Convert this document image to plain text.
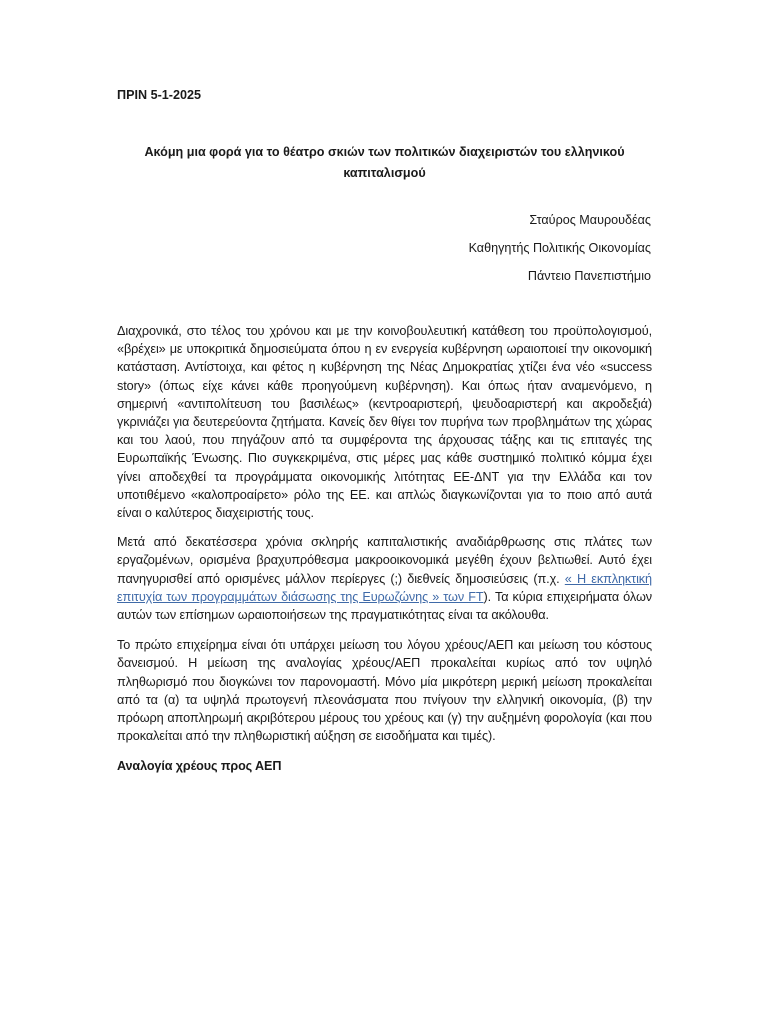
ΠΡΙΝ 5-1-2025

Ακόμη μια φορά για το θέατρο σκιών των πολιτικών διαχειριστών του ελληνικού καπιταλισμού

Σταύρος Μαυρουδέας

Καθηγητής Πολιτικής Οικονομίας

Πάντειο Πανεπιστήμιο

Διαχρονικά, στο τέλος του χρόνου και με την κοινοβουλευτική κατάθεση του προϋπολογισμού, «βρέχει» με υποκριτικά δημοσιεύματα όπου η εν ενεργεία κυβέρνηση ωραιοποιεί την οικονομική κατάσταση. Αντίστοιχα, και φέτος η κυβέρνηση της Νέας Δημοκρατίας χτίζει ένα νέο «success story» (όπως είχε κάνει κάθε προηγούμενη κυβέρνηση). Και όπως ήταν αναμενόμενο, η σημερινή «αντιπολίτευση του βασιλέως» (κεντροαριστερή, ψευδοαριστερή και ακροδεξιά) γκρινιάζει για δευτερεύοντα ζητήματα. Κανείς δεν θίγει τον πυρήνα των προβλημάτων της χώρας και του λαού, που πηγάζουν από τα συμφέροντα της άρχουσας τάξης και τις επιταγές της Ευρωπαϊκής Ένωσης. Πιο συγκεκριμένα, στις μέρες μας κάθε συστημικό πολιτικό κόμμα έχει γίνει αποδεχθεί τα προγράμματα οικονομικής λιτότητας ΕΕ-ΔΝΤ για την Ελλάδα και τον υποτιθέμενο «καλοπροαίρετο» ρόλο της ΕΕ. και απλώς διαγκωνίζονται για το ποιο από αυτά είναι ο καλύτερος διαχειριστής τους.

Μετά από δεκατέσσερα χρόνια σκληρής καπιταλιστικής αναδιάρθρωσης στις πλάτες των εργαζομένων, ορισμένα βραχυπρόθεσμα μακροοικονομικά μεγέθη έχουν βελτιωθεί. Αυτό έχει πανηγυρισθεί από ορισμένες μάλλον περίεργες (;) διεθνείς δημοσιεύσεις (π.χ. « Η εκπληκτική επιτυχία των προγραμμάτων διάσωσης της Ευρωζώνης » των FT). Τα κύρια επιχειρήματα όλων αυτών των επίσημων ωραιοποιήσεων της πραγματικότητας είναι τα ακόλουθα.

Το πρώτο επιχείρημα είναι ότι υπάρχει μείωση του λόγου χρέους/ΑΕΠ και μείωση του κόστους δανεισμού. Η μείωση της αναλογίας χρέους/ΑΕΠ προκαλείται κυρίως από τον υψηλό πληθωρισμό που διογκώνει τον παρονομαστή. Μόνο μία μικρότερη μερική μείωση προκαλείται από τα (α) τα υψηλά πρωτογενή πλεονάσματα που πνίγουν την ελληνική οικονομία, (β) την πρόωρη αποπληρωμή ακριβότερου μέρους του χρέους και (γ) την αυξημένη φορολογία (και που προκαλείται από την πληθωριστική αύξηση σε εισοδήματα και τιμές).

Αναλογία χρέους προς ΑΕΠ
